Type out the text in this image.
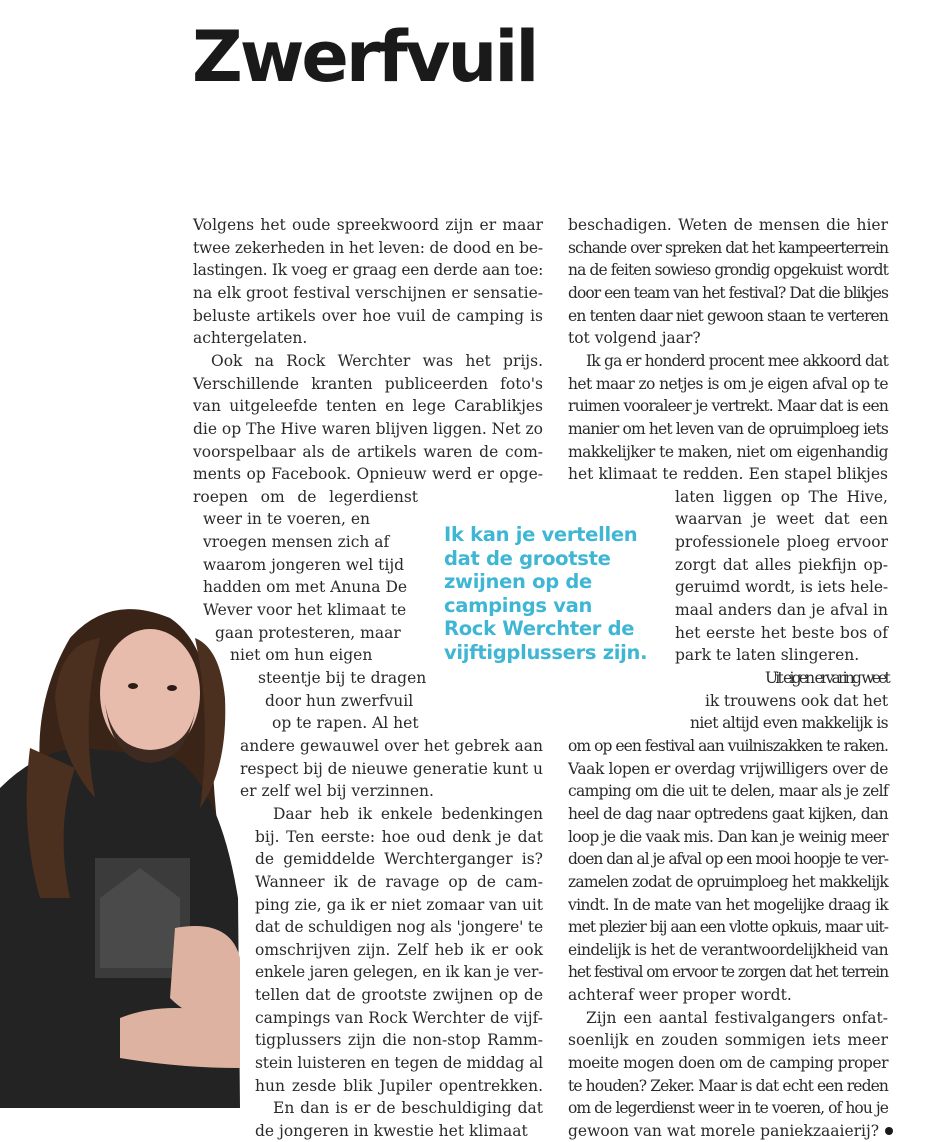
Zwerfvuil
Ik kan je vertellen
dat de grootste
zwijnen op de
campings van
Rock Werchter de
vijftigplussers zijn.
Volgens het oude spreekwoord zijn er maar
twee zekerheden in het leven: de dood en be-
lastingen. Ik voeg er graag een derde aan toe:
na elk groot festival verschijnen er sensatie-
beluste artikels over hoe vuil de camping is
achtergelaten.
Ook na Rock Werchter was het prijs.
Verschillende kranten publiceerden foto's
van uitgeleefde tenten en lege Carablikjes
die op The Hive waren blijven liggen. Net zo
voorspelbaar als de artikels waren de com-
ments op Facebook. Opnieuw werd er opge-
roepen om de legerdienst
weer in te voeren, en
vroegen mensen zich af
waarom jongeren wel tijd
hadden om met Anuna De
Wever voor het klimaat te
gaan protesteren, maar
niet om hun eigen
steentje bij te dragen
door hun zwerfvuil
op te rapen. Al het
andere gewauwel over het gebrek aan
respect bij de nieuwe generatie kunt u
er zelf wel bij verzinnen.
Daar heb ik enkele bedenkingen
bij. Ten eerste: hoe oud denk je dat
de gemiddelde Werchterganger is?
Wanneer ik de ravage op de cam-
ping zie, ga ik er niet zomaar van uit
dat de schuldigen nog als 'jongere' te
omschrijven zijn. Zelf heb ik er ook
enkele jaren gelegen, en ik kan je ver-
tellen dat de grootste zwijnen op de
campings van Rock Werchter de vijf-
tigplussers zijn die non-stop Ramm-
stein luisteren en tegen de middag al
hun zesde blik Jupiler opentrekken.
En dan is er de beschuldiging dat
de jongeren in kwestie het klimaat
beschadigen. Weten de mensen die hier
schande over spreken dat het kampeerterrein
na de feiten sowieso grondig opgekuist wordt
door een team van het festival? Dat die blikjes
en tenten daar niet gewoon staan te verteren
tot volgend jaar?
Ik ga er honderd procent mee akkoord dat
het maar zo netjes is om je eigen afval op te
ruimen vooraleer je vertrekt. Maar dat is een
manier om het leven van de opruimploeg iets
makkelijker te maken, niet om eigenhandig
het klimaat te redden. Een stapel blikjes
laten liggen op The Hive,
waarvan je weet dat een
professionele ploeg ervoor
zorgt dat alles piekfijn op-
geruimd wordt, is iets hele-
maal anders dan je afval in
het eerste het beste bos of
park te laten slingeren.
Uit eigen ervaring weet
ik trouwens ook dat het
niet altijd even makkelijk is
om op een festival aan vuilniszakken te raken.
Vaak lopen er overdag vrijwilligers over de
camping om die uit te delen, maar als je zelf
heel de dag naar optredens gaat kijken, dan
loop je die vaak mis. Dan kan je weinig meer
doen dan al je afval op een mooi hoopje te ver-
zamelen zodat de opruimploeg het makkelijk
vindt. In de mate van het mogelijke draag ik
met plezier bij aan een vlotte opkuis, maar uit-
eindelijk is het de verantwoordelijkheid van
het festival om ervoor te zorgen dat het terrein
achteraf weer proper wordt.
Zijn een aantal festivalgangers onfat-
soenlijk en zouden sommigen iets meer
moeite mogen doen om de camping proper
te houden? Zeker. Maar is dat echt een reden
om de legerdienst weer in te voeren, of hou je
gewoon van wat morele paniekzaaierij?
